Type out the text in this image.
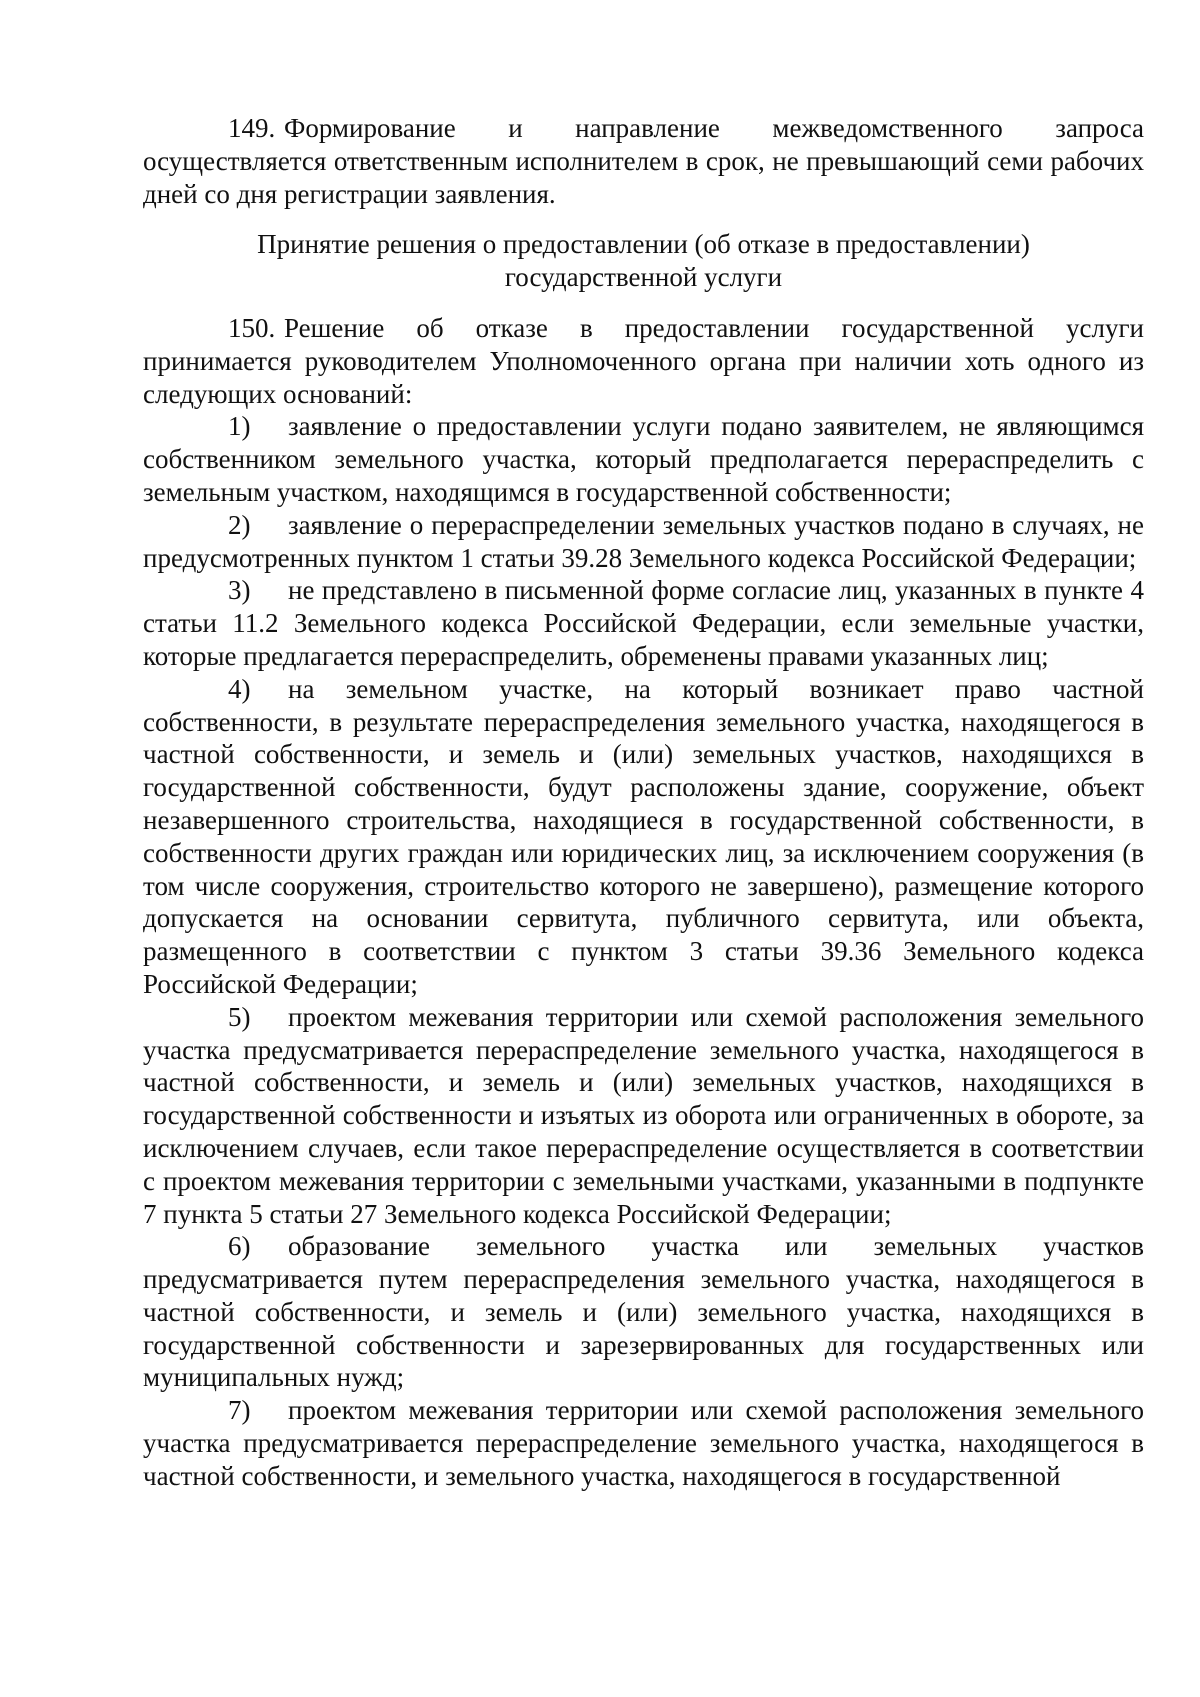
149. Формирование и направление межведомственного запроса осуществляется ответственным исполнителем в срок, не превышающий семи рабочих дней со дня регистрации заявления.

Принятие решения о предоставлении (об отказе в предоставлении)
государственной услуги

150. Решение об отказе в предоставлении государственной услуги принимается руководителем Уполномоченного органа при наличии хоть одного из следующих оснований:

1) заявление о предоставлении услуги подано заявителем, не являющимся собственником земельного участка, который предполагается перераспределить с земельным участком, находящимся в государственной собственности;

2) заявление о перераспределении земельных участков подано в случаях, не предусмотренных пунктом 1 статьи 39.28 Земельного кодекса Российской Федерации;

3) не представлено в письменной форме согласие лиц, указанных в пункте 4 статьи 11.2 Земельного кодекса Российской Федерации, если земельные участки, которые предлагается перераспределить, обременены правами указанных лиц;

4) на земельном участке, на который возникает право частной собственности, в результате перераспределения земельного участка, находящегося в частной собственности, и земель и (или) земельных участков, находящихся в государственной собственности, будут расположены здание, сооружение, объект незавершенного строительства, находящиеся в государственной собственности, в собственности других граждан или юридических лиц, за исключением сооружения (в том числе сооружения, строительство которого не завершено), размещение которого допускается на основании сервитута, публичного сервитута, или объекта, размещенного в соответствии с пунктом 3 статьи 39.36 Земельного кодекса Российской Федерации;

5) проектом межевания территории или схемой расположения земельного участка предусматривается перераспределение земельного участка, находящегося в частной собственности, и земель и (или) земельных участков, находящихся в государственной собственности и изъятых из оборота или ограниченных в обороте, за исключением случаев, если такое перераспределение осуществляется в соответствии с проектом межевания территории с земельными участками, указанными в подпункте 7 пункта 5 статьи 27 Земельного кодекса Российской Федерации;

6) образование земельного участка или земельных участков предусматривается путем перераспределения земельного участка, находящегося в частной собственности, и земель и (или) земельного участка, находящихся в государственной собственности и зарезервированных для государственных или муниципальных нужд;

7) проектом межевания территории или схемой расположения земельного участка предусматривается перераспределение земельного участка, находящегося в частной собственности, и земельного участка, находящегося в государственной
